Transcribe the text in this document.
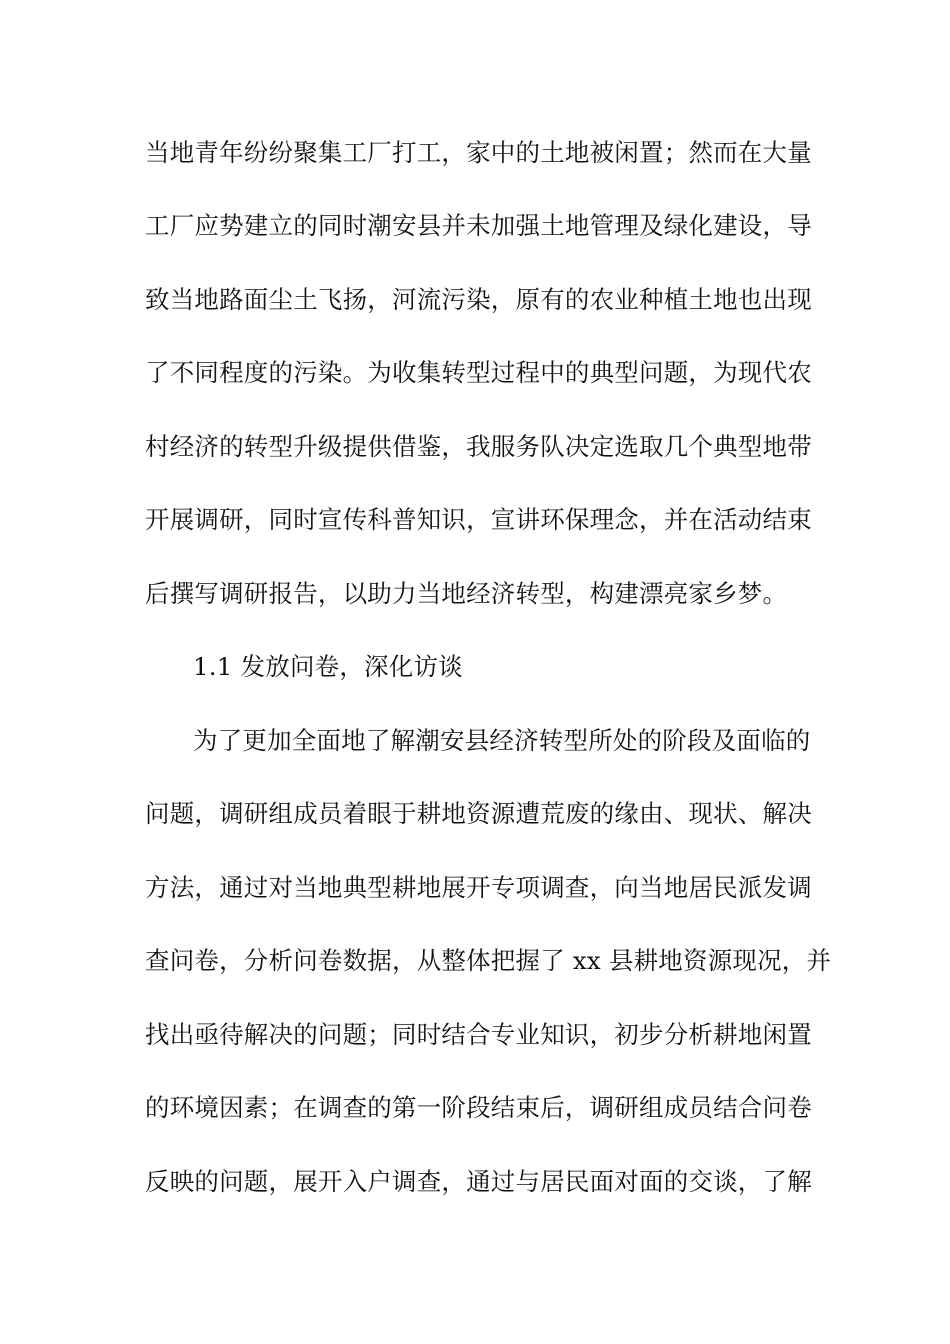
当地青年纷纷聚集工厂打工，家中的土地被闲置；然而在大量
工厂应势建立的同时潮安县并未加强土地管理及绿化建设，导
致当地路面尘土飞扬，河流污染，原有的农业种植土地也出现
了不同程度的污染。为收集转型过程中的典型问题，为现代农
村经济的转型升级提供借鉴，我服务队决定选取几个典型地带
开展调研，同时宣传科普知识，宣讲环保理念，并在活动结束
后撰写调研报告，以助力当地经济转型，构建漂亮家乡梦。
1.1 发放问卷，深化访谈
为了更加全面地了解潮安县经济转型所处的阶段及面临的
问题，调研组成员着眼于耕地资源遭荒废的缘由、现状、解决
方法，通过对当地典型耕地展开专项调查，向当地居民派发调
查问卷，分析问卷数据，从整体把握了 xx 县耕地资源现况，并
找出亟待解决的问题；同时结合专业知识，初步分析耕地闲置
的环境因素；在调查的第一阶段结束后，调研组成员结合问卷
反映的问题，展开入户调查，通过与居民面对面的交谈，了解
